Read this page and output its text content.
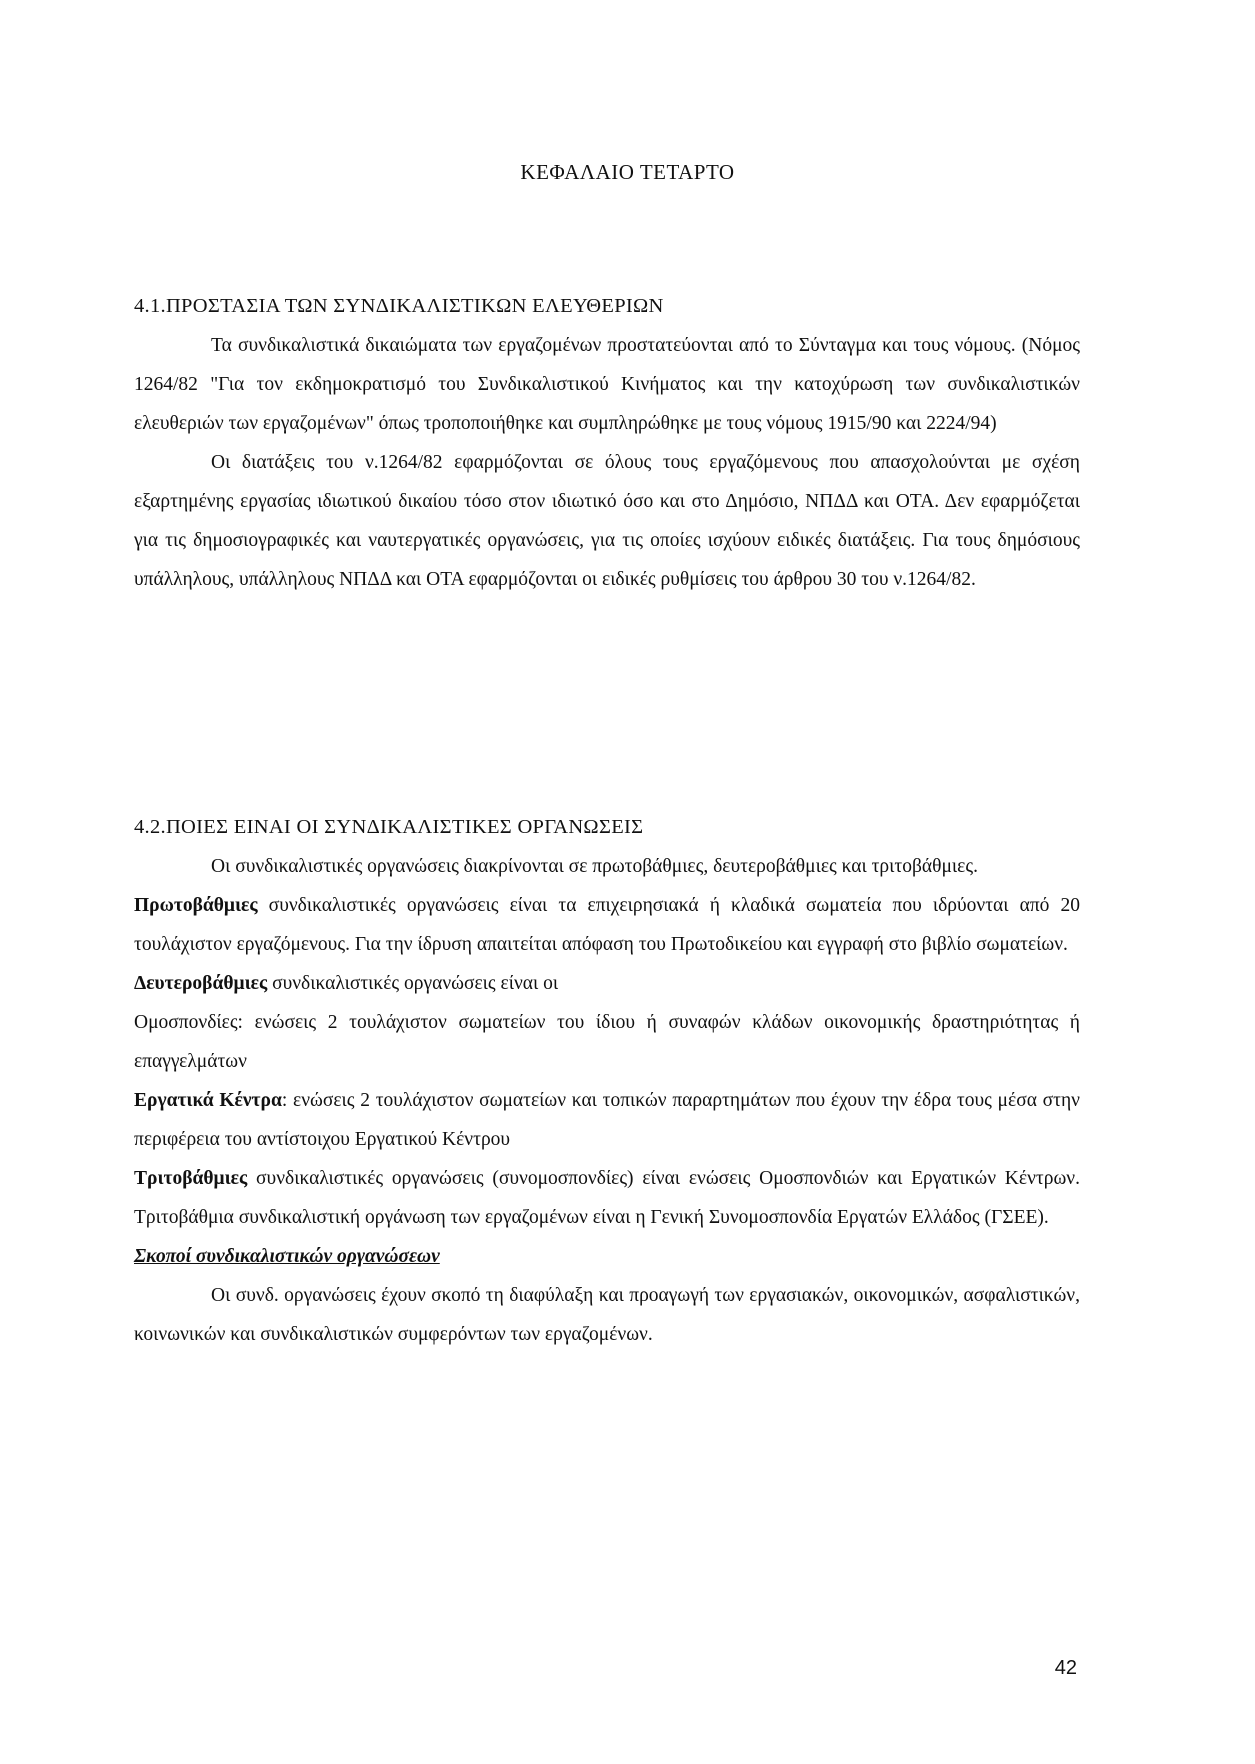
ΚΕΦΑΛΑΙΟ ΤΕΤΑΡΤΟ
4.1.ΠΡΟΣΤΑΣΙΑ ΤΩΝ ΣΥΝΔΙΚΑΛΙΣΤΙΚΩΝ ΕΛΕΥΘΕΡΙΩΝ

Τα συνδικαλιστικά δικαιώματα των εργαζομένων προστατεύονται από το Σύνταγμα και τους νόμους. (Νόμος 1264/82 "Για τον εκδημοκρατισμό του Συνδικαλιστικού Κινήματος και την κατοχύρωση των συνδικαλιστικών ελευθεριών των εργαζομένων" όπως τροποποιήθηκε και συμπληρώθηκε με τους νόμους 1915/90 και 2224/94)

Οι διατάξεις του ν.1264/82 εφαρμόζονται σε όλους τους εργαζόμενους που απασχολούνται με σχέση εξαρτημένης εργασίας ιδιωτικού δικαίου τόσο στον ιδιωτικό όσο και στο Δημόσιο, ΝΠΔΔ και ΟΤΑ. Δεν εφαρμόζεται για τις δημοσιογραφικές και ναυτεργατικές οργανώσεις, για τις οποίες ισχύουν ειδικές διατάξεις. Για τους δημόσιους υπάλληλους, υπάλληλους ΝΠΔΔ και ΟΤΑ εφαρμόζονται οι ειδικές ρυθμίσεις του άρθρου 30 του ν.1264/82.

4.2.ΠΟΙΕΣ ΕΙΝΑΙ ΟΙ ΣΥΝΔΙΚΑΛΙΣΤΙΚΕΣ ΟΡΓΑΝΩΣΕΙΣ

Οι συνδικαλιστικές οργανώσεις διακρίνονται σε πρωτοβάθμιες, δευτεροβάθμιες και τριτοβάθμιες.

Πρωτοβάθμιες συνδικαλιστικές οργανώσεις είναι τα επιχειρησιακά ή κλαδικά σωματεία που ιδρύονται από 20 τουλάχιστον εργαζόμενους. Για την ίδρυση απαιτείται απόφαση του Πρωτοδικείου και εγγραφή στο βιβλίο σωματείων.

Δευτεροβάθμιες συνδικαλιστικές οργανώσεις είναι οι

Ομοσπονδίες: ενώσεις 2 τουλάχιστον σωματείων του ίδιου ή συναφών κλάδων οικονομικής δραστηριότητας ή επαγγελμάτων

Εργατικά Κέντρα: ενώσεις 2 τουλάχιστον σωματείων και τοπικών παραρτημάτων που έχουν την έδρα τους μέσα στην περιφέρεια του αντίστοιχου Εργατικού Κέντρου

Τριτοβάθμιες συνδικαλιστικές οργανώσεις (συνομοσπονδίες) είναι ενώσεις Ομοσπονδιών και Εργατικών Κέντρων. Τριτοβάθμια συνδικαλιστική οργάνωση των εργαζομένων είναι η Γενική Συνομοσπονδία Εργατών Ελλάδος (ΓΣΕΕ).

Σκοποί συνδικαλιστικών οργανώσεων

Οι συνδ. οργανώσεις έχουν σκοπό τη διαφύλαξη και προαγωγή των εργασιακών, οικονομικών, ασφαλιστικών, κοινωνικών και συνδικαλιστικών συμφερόντων των εργαζομένων.

42
